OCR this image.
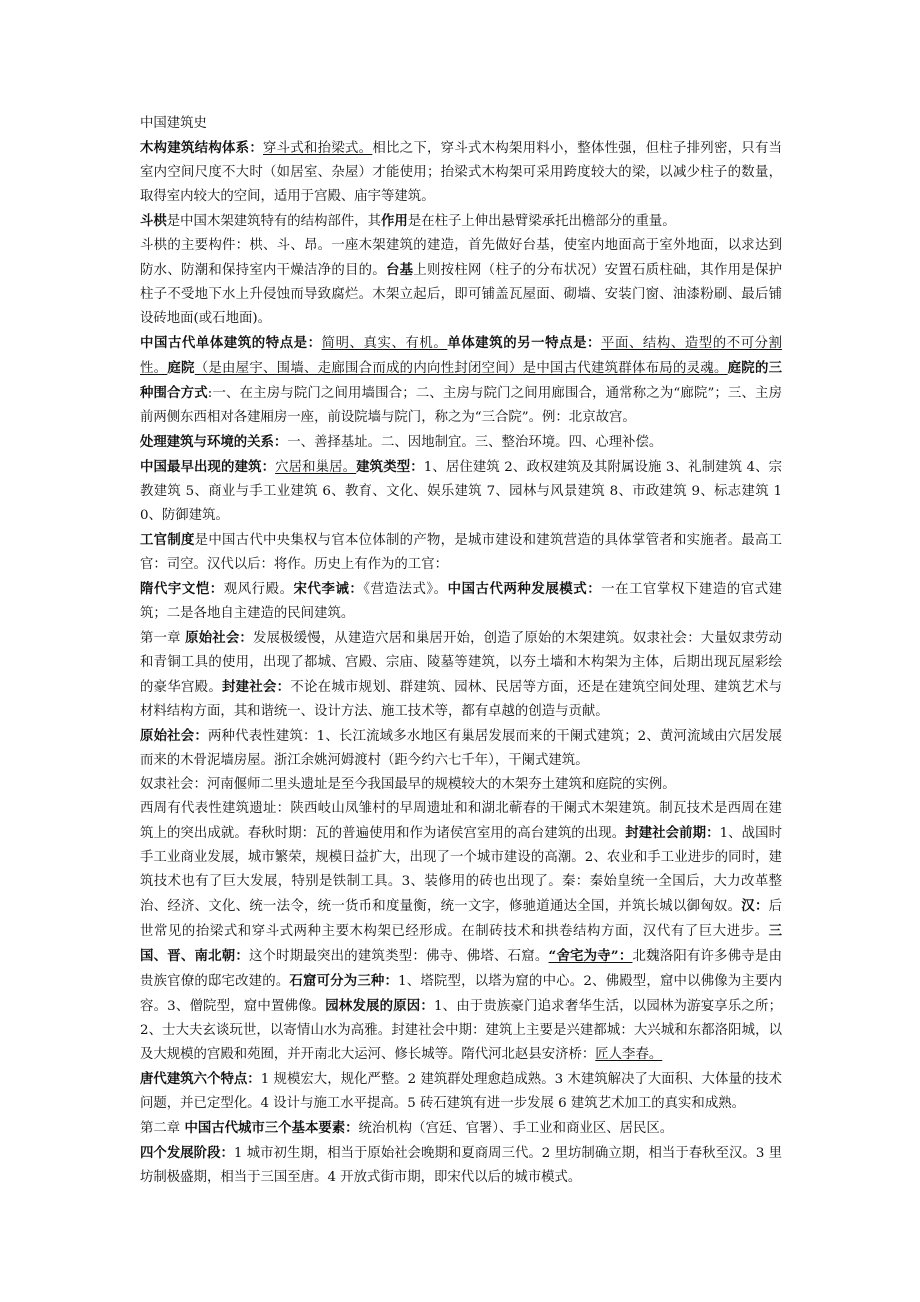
中国建筑史
木构建筑结构体系：穿斗式和抬梁式。相比之下，穿斗式木构架用料小，整体性强，但柱子排列密，只有当室内空间尺度不大时（如居室、杂屋）才能使用；抬梁式木构架可采用跨度较大的梁，以减少柱子的数量，取得室内较大的空间，适用于宫殿、庙宇等建筑。
斗栱是中国木架建筑特有的结构部件，其作用是在柱子上伸出悬臂梁承托出檐部分的重量。
斗栱的主要构件：栱、斗、昂。一座木架建筑的建造，首先做好台基，使室内地面高于室外地面，以求达到防水、防潮和保持室内干燥洁净的目的。台基上则按柱网（柱子的分布状况）安置石质柱础，其作用是保护柱子不受地下水上升侵蚀而导致腐烂。木架立起后，即可铺盖瓦屋面、砌墙、安装门窗、油漆粉刷、最后铺设砖地面(或石地面)。
中国古代单体建筑的特点是：简明、真实、有机。单体建筑的另一特点是：平面、结构、造型的不可分割性。庭院（是由屋宇、围墙、走廊围合而成的内向性封闭空间）是中国古代建筑群体布局的灵魂。庭院的三种围合方式:一、在主房与院门之间用墙围合；二、主房与院门之间用廊围合，通常称之为“廊院”；三、主房前两侧东西相对各建厢房一座，前设院墙与院门，称之为“三合院”。例：北京故宫。
处理建筑与环境的关系：一、善择基址。二、因地制宜。三、整治环境。四、心理补偿。
中国最早出现的建筑：穴居和巢居。建筑类型：1、居住建筑 2、政权建筑及其附属设施 3、礼制建筑 4、宗教建筑 5、商业与手工业建筑 6、教育、文化、娱乐建筑 7、园林与风景建筑 8、市政建筑 9、标志建筑 10、防御建筑。
工官制度是中国古代中央集权与官本位体制的产物，是城市建设和建筑营造的具体掌管者和实施者。最高工官：司空。汉代以后：将作。历史上有作为的工官：
隋代宇文恺：观风行殿。宋代李诫：《营造法式》。中国古代两种发展模式：一在工官掌权下建造的官式建筑；二是各地自主建造的民间建筑。
第一章 原始社会：发展极缓慢，从建造穴居和巢居开始，创造了原始的木架建筑。奴隶社会：大量奴隶劳动和青铜工具的使用，出现了都城、宫殿、宗庙、陵墓等建筑，以夯土墙和木构架为主体，后期出现瓦屋彩绘的豪华宫殿。封建社会：不论在城市规划、群建筑、园林、民居等方面，还是在建筑空间处理、建筑艺术与材料结构方面，其和谐统一、设计方法、施工技术等，都有卓越的创造与贡献。
原始社会：两种代表性建筑：1、长江流域多水地区有巢居发展而来的干阑式建筑；2、黄河流域由穴居发展而来的木骨泥墙房屋。浙江余姚河姆渡村（距今约六七千年），干阑式建筑。
奴隶社会：河南偃师二里头遗址是至今我国最早的规模较大的木架夯土建筑和庭院的实例。
西周有代表性建筑遗址：陕西岐山凤雏村的早周遗址和和湖北蕲春的干阑式木架建筑。制瓦技术是西周在建筑上的突出成就。春秋时期：瓦的普遍使用和作为诸侯宫室用的高台建筑的出现。封建社会前期：1、战国时手工业商业发展，城市繁荣，规模日益扩大，出现了一个城市建设的高潮。2、农业和手工业进步的同时，建筑技术也有了巨大发展，特别是铁制工具。3、装修用的砖也出现了。秦：秦始皇统一全国后，大力改革整治、经济、文化、统一法令，统一货币和度量衡，统一文字，修驰道通达全国，并筑长城以御匈奴。汉：后世常见的抬梁式和穿斗式两种主要木构架已经形成。在制砖技术和拱卷结构方面，汉代有了巨大进步。三国、晋、南北朝：这个时期最突出的建筑类型：佛寺、佛塔、石窟。“舍宅为寺”：北魏洛阳有许多佛寺是由贵族官僚的邸宅改建的。石窟可分为三种：1、塔院型，以塔为窟的中心。2、佛殿型，窟中以佛像为主要内容。3、僧院型，窟中置佛像。园林发展的原因：1、由于贵族豪门追求奢华生活，以园林为游宴享乐之所；2、士大夫玄谈玩世，以寄情山水为高雅。封建社会中期：建筑上主要是兴建都城：大兴城和东都洛阳城，以及大规模的宫殿和苑囿，并开南北大运河、修长城等。隋代河北赵县安济桥：匠人李春。
唐代建筑六个特点：1 规模宏大，规化严整。2 建筑群处理愈趋成熟。3 木建筑解决了大面积、大体量的技术问题，并已定型化。4 设计与施工水平提高。5 砖石建筑有进一步发展 6 建筑艺术加工的真实和成熟。
第二章 中国古代城市三个基本要素：统治机构（宫廷、官署）、手工业和商业区、居民区。
四个发展阶段：1 城市初生期，相当于原始社会晚期和夏商周三代。2 里坊制确立期，相当于春秋至汉。3 里坊制极盛期，相当于三国至唐。4 开放式街市期，即宋代以后的城市模式。
